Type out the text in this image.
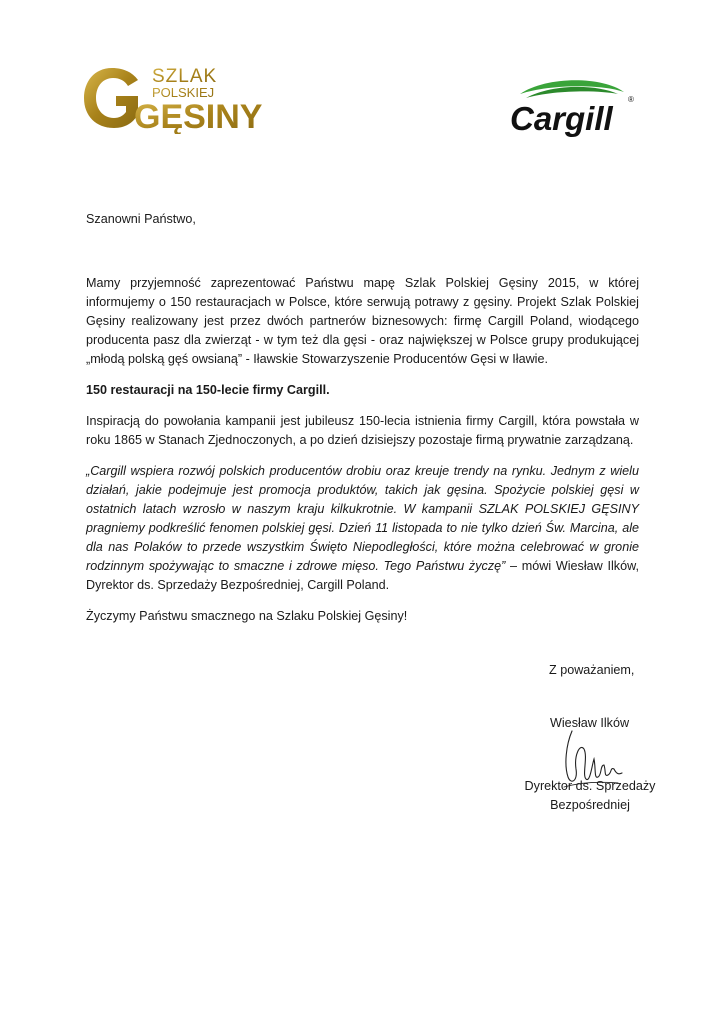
SZLAK
POLSKIEJ
GĘSINY	Cargill
®

Szanowni Państwo,

Mamy przyjemność zaprezentować Państwu mapę Szlak Polskiej Gęsiny 2015, w której informujemy o 150 restauracjach w Polsce, które serwują potrawy z gęsiny. Projekt Szlak Polskiej Gęsiny realizowany jest przez dwóch partnerów biznesowych: firmę Cargill Poland, wiodącego producenta pasz dla zwierząt - w tym też dla gęsi - oraz największej w Polsce grupy produkującej „młodą polską gęś owsianą” - Iławskie Stowarzyszenie Producentów Gęsi w Iławie.

150 restauracji na 150-lecie firmy Cargill.

Inspiracją do powołania kampanii jest jubileusz 150-lecia istnienia firmy Cargill, która powstała w roku 1865 w Stanach Zjednoczonych, a po dzień dzisiejszy pozostaje firmą prywatnie zarządzaną.

„Cargill wspiera rozwój polskich producentów drobiu oraz kreuje trendy na rynku. Jednym z wielu działań, jakie podejmuje jest promocja produktów, takich jak gęsina. Spożycie polskiej gęsi w ostatnich latach wzrosło w naszym kraju kilkukrotnie. W kampanii SZLAK POLSKIEJ GĘSINY pragniemy podkreślić fenomen polskiej gęsi. Dzień 11 listopada to nie tylko dzień Św. Marcina, ale dla nas Polaków to przede wszystkim Święto Niepodległości, które można celebrować w gronie rodzinnym spożywając to smaczne i zdrowe mięso. Tego Państwu życzę” – mówi Wiesław Ilków, Dyrektor ds. Sprzedaży Bezpośredniej, Cargill Poland.

Życzymy Państwu smacznego na Szlaku Polskiej Gęsiny!

Z poważaniem,
Wiesław Ilków
Dyrektor ds. Sprzedaży
Bezpośredniej
